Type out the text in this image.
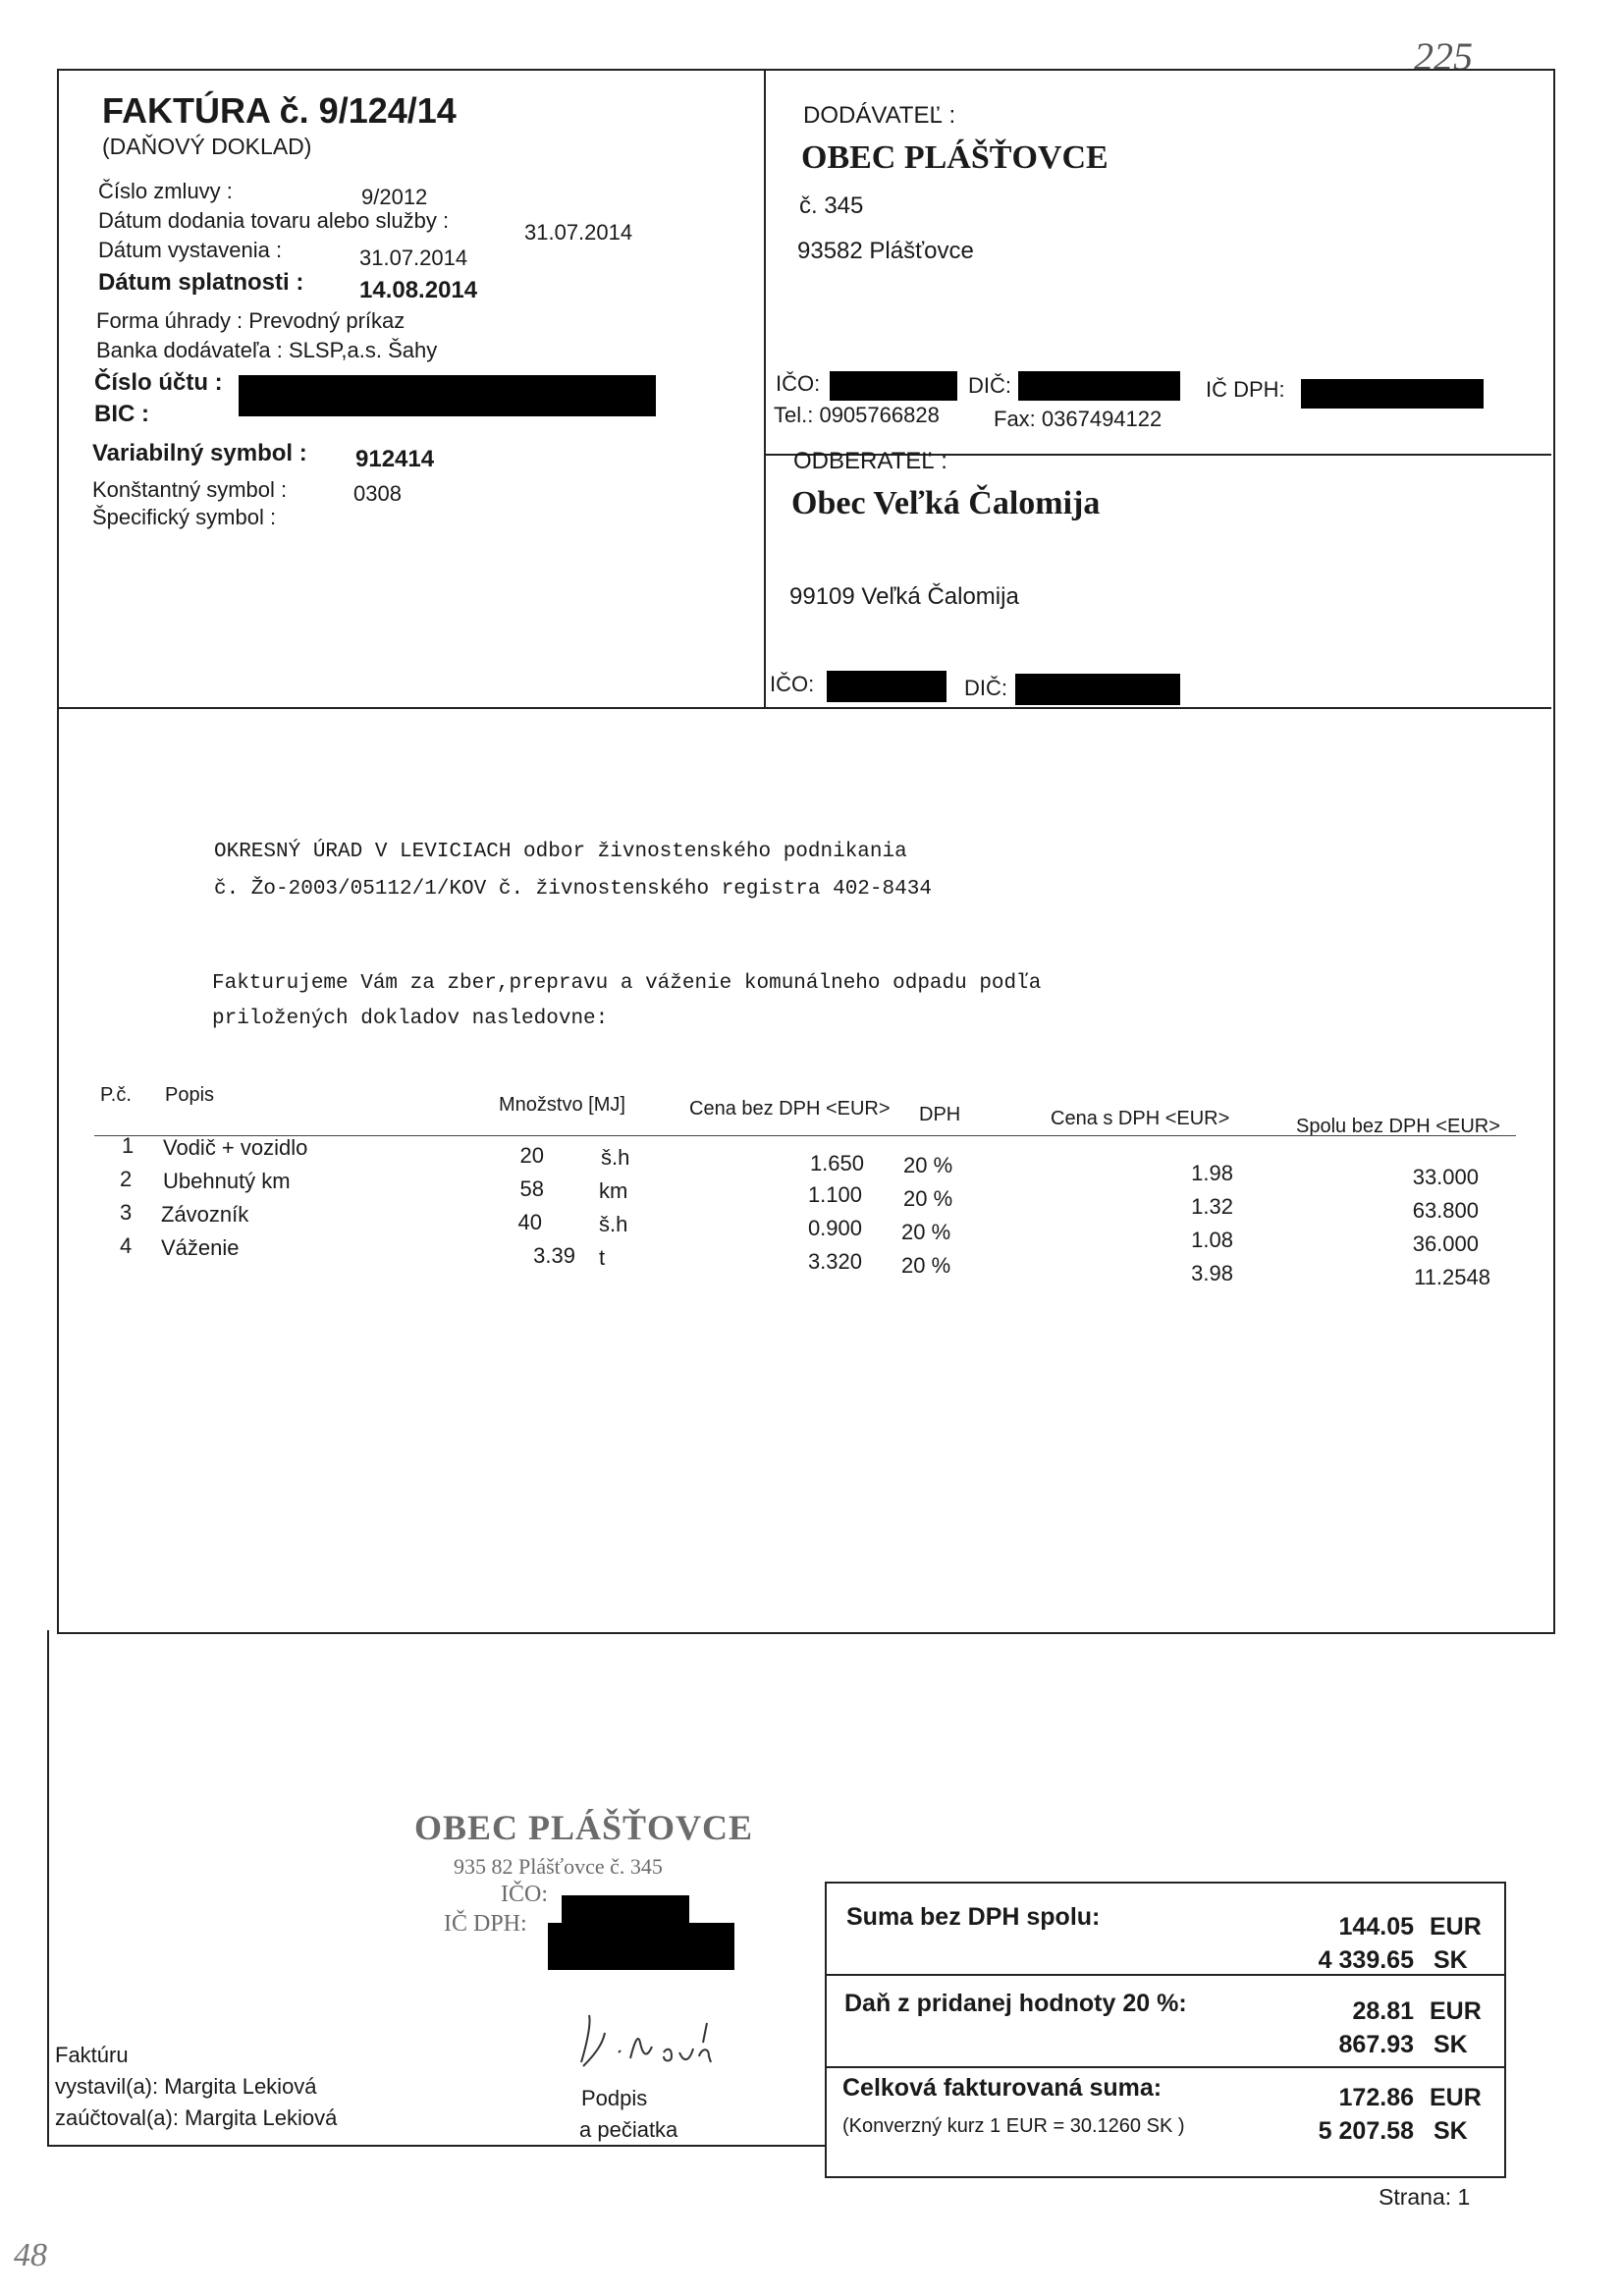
225
FAKTÚRA č. 9/124/14
(DAŇOVÝ DOKLAD)
Číslo zmluvy :	9/2012
Dátum dodania tovaru alebo služby :	31.07.2014
Dátum vystavenia :	31.07.2014
Dátum splatnosti : 14.08.2014
Forma úhrady : Prevodný príkaz
Banka dodávateľa : SLSP,a.s. Šahy
Číslo účtu :
BIC :
Variabilný symbol : 912414
Konštantný symbol :	0308
Špecifický symbol :
DODÁVATEĽ :
OBEC PLÁŠŤOVCE
č. 345
93582 Plášťovce
IČO:	DIČ:	IČ DPH:
Tel.: 0905766828	Fax: 0367494122
ODBERATEĽ :
Obec Veľká Čalomija
99109 Veľká Čalomija
IČO:	DIČ:
OKRESNÝ ÚRAD V LEVICIACH odbor živnostenského podnikania
č. Žo-2003/05112/1/KOV č. živnostenského registra 402-8434
Fakturujeme Vám za zber,prepravu a váženie komunálneho odpadu podľa
priložených dokladov nasledovne:
P.č. Popis	Množstvo [MJ]	Cena bez DPH <EUR> DPH	Cena s DPH <EUR>	Spolu bez DPH <EUR>
1 Vodič + vozidlo	20	š.h	1.650 20 %	1.98	33.000
2 Ubehnutý km	58	km	1.100 20 %	1.32	63.800
3 Závozník	40	š.h	0.900 20 %	1.08	36.000
4 Váženie	3.39 t	3.320 20 %	3.98	11.2548
OBEC PLÁŠŤOVCE
935 82 Plášťovce č. 345
IČO:
IČ DPH:	Suma bez DPH spolu:	144.05 EUR
4 339.65 SK
Daň z pridanej hodnoty 20 %:	28.81 EUR
867.93 SK
Celková fakturovaná suma:
(Konverzný kurz 1 EUR = 30.1260 SK )
172.86 EUR
5 207.58 SK
Faktúru
vystavil(a): Margita Lekiová
zaúčtoval(a): Margita Lekiová
Podpis
a pečiatka
Strana: 1
48
